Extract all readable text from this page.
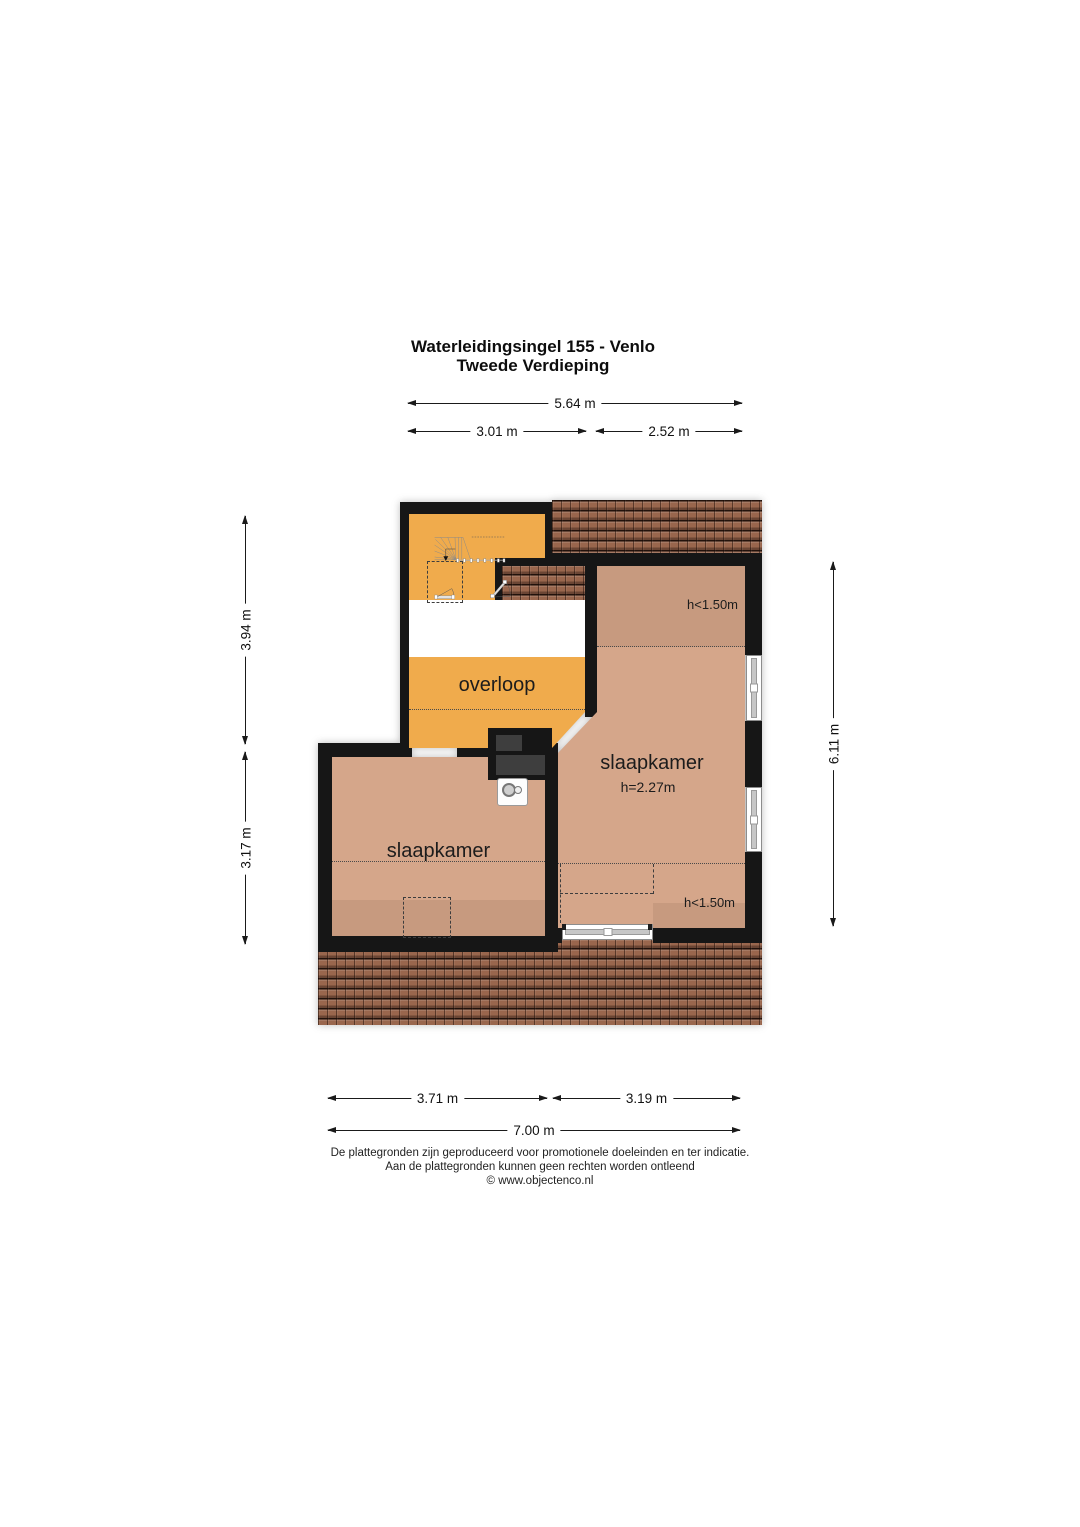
Waterleidingsingel 155 - Venlo
Tweede Verdieping
5.64 m
3.01 m	2.52 m
3.94 m
3.17 m
6.11 m
3.71 m	3.19 m
7.00 m
overloop
slaapkamer
slaapkamer
h=2.27m
h<1.50m
h<1.50m
De plattegronden zijn geproduceerd voor promotionele doeleinden en ter indicatie.
Aan de plattegronden kunnen geen rechten worden ontleend
© www.objectenco.nl
